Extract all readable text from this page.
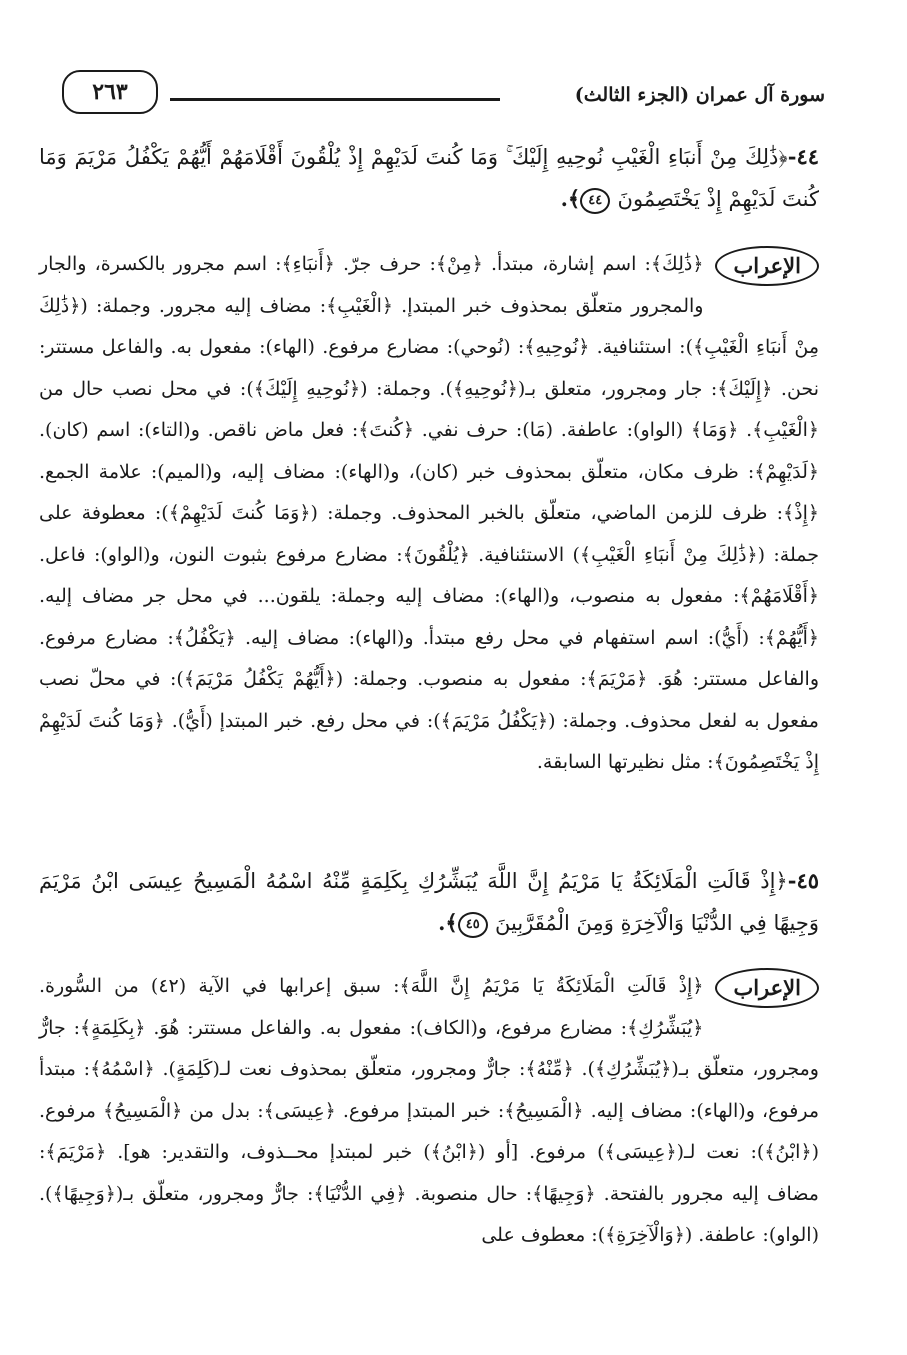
سورة آل عمران (الجزء الثالث)
٢٦٣
٤٤-﴿ذَٰلِكَ مِنْ أَنبَاءِ الْغَيْبِ نُوحِيهِ إِلَيْكَ ۚ وَمَا كُنتَ لَدَيْهِمْ إِذْ يُلْقُونَ أَقْلَامَهُمْ أَيُّهُمْ يَكْفُلُ مَرْيَمَ وَمَا كُنتَ لَدَيْهِمْ إِذْ يَخْتَصِمُونَ ٤٤﴾.
الإعراب

﴿ذَٰلِكَ﴾: اسم إشارة، مبتدأ. ﴿مِنْ﴾: حرف جرّ. ﴿أَنبَاءِ﴾: اسم مجرور بالكسرة، والجار والمجرور متعلّق بمحذوف خبر المبتدإ. ﴿الْغَيْبِ﴾: مضاف إليه مجرور. وجملة: (﴿ذَٰلِكَ مِنْ أَنبَاءِ الْغَيْبِ﴾): استئنافية. ﴿نُوحِيهِ﴾: (نُوحي): مضارع مرفوع. (الهاء): مفعول به. والفاعل مستتر: نحن. ﴿إِلَيْكَ﴾: جار ومجرور، متعلق بـ(﴿نُوحِيهِ﴾). وجملة: (﴿نُوحِيهِ إِلَيْكَ﴾): في محل نصب حال من ﴿الْغَيْبِ﴾. ﴿وَمَا﴾ (الواو): عاطفة. (مَا): حرف نفي. ﴿كُنتَ﴾: فعل ماض ناقص. و(التاء): اسم (كان). ﴿لَدَيْهِمْ﴾: ظرف مكان، متعلّق بمحذوف خبر (كان)، و(الهاء): مضاف إليه، و(الميم): علامة الجمع. ﴿إِذْ﴾: ظرف للزمن الماضي، متعلّق بالخبر المحذوف. وجملة: (﴿وَمَا كُنتَ لَدَيْهِمْ﴾): معطوفة على جملة: (﴿ذَٰلِكَ مِنْ أَنبَاءِ الْغَيْبِ﴾) الاستئنافية. ﴿يُلْقُونَ﴾: مضارع مرفوع بثبوت النون، و(الواو): فاعل. ﴿أَقْلَامَهُمْ﴾: مفعول به منصوب، و(الهاء): مضاف إليه وجملة: يلقون... في محل جر مضاف إليه. ﴿أَيُّهُمْ﴾: (أَيُّ): اسم استفهام في محل رفع مبتدأ. و(الهاء): مضاف إليه. ﴿يَكْفُلُ﴾: مضارع مرفوع. والفاعل مستتر: هُوَ. ﴿مَرْيَمَ﴾: مفعول به منصوب. وجملة: (﴿أَيُّهُمْ يَكْفُلُ مَرْيَمَ﴾): في محلّ نصب مفعول به لفعل محذوف. وجملة: (﴿يَكْفُلُ مَرْيَمَ﴾): في محل رفع. خبر المبتدإ (أَيُّ). ﴿وَمَا كُنتَ لَدَيْهِمْ إِذْ يَخْتَصِمُونَ﴾: مثل نظيرتها السابقة.

٤٥-﴿إِذْ قَالَتِ الْمَلَائِكَةُ يَا مَرْيَمُ إِنَّ اللَّهَ يُبَشِّرُكِ بِكَلِمَةٍ مِّنْهُ اسْمُهُ الْمَسِيحُ عِيسَى ابْنُ مَرْيَمَ وَجِيهًا فِي الدُّنْيَا وَالْآخِرَةِ وَمِنَ الْمُقَرَّبِينَ ٤٥﴾.
الإعراب

﴿إِذْ قَالَتِ الْمَلَائِكَةُ يَا مَرْيَمُ إِنَّ اللَّهَ﴾: سبق إعرابها في الآية (٤٢) من السُّورة. ﴿يُبَشِّرُكِ﴾: مضارع مرفوع، و(الكاف): مفعول به. والفاعل مستتر: هُوَ. ﴿بِكَلِمَةٍ﴾: جارٌّ ومجرور، متعلّق بـ(﴿يُبَشِّرُكِ﴾). ﴿مِّنْهُ﴾: جارٌّ ومجرور، متعلّق بمحذوف نعت لـ(كَلِمَةٍ). ﴿اسْمُهُ﴾: مبتدأ مرفوع، و(الهاء): مضاف إليه. ﴿الْمَسِيحُ﴾: خبر المبتدإ مرفوع. ﴿عِيسَى﴾: بدل من ﴿الْمَسِيحُ﴾ مرفوع. (﴿ابْنُ﴾): نعت لـ(﴿عِيسَى﴾) مرفوع. [أو (﴿ابْنُ﴾) خبر لمبتدإ محــذوف، والتقدير: هو]. ﴿مَرْيَمَ﴾: مضاف إليه مجرور بالفتحة. ﴿وَجِيهًا﴾: حال منصوبة. ﴿فِي الدُّنْيَا﴾: جارٌّ ومجرور، متعلّق بـ(﴿وَجِيهًا﴾). (الواو): عاطفة. (﴿وَالْآخِرَةِ﴾): معطوف على
